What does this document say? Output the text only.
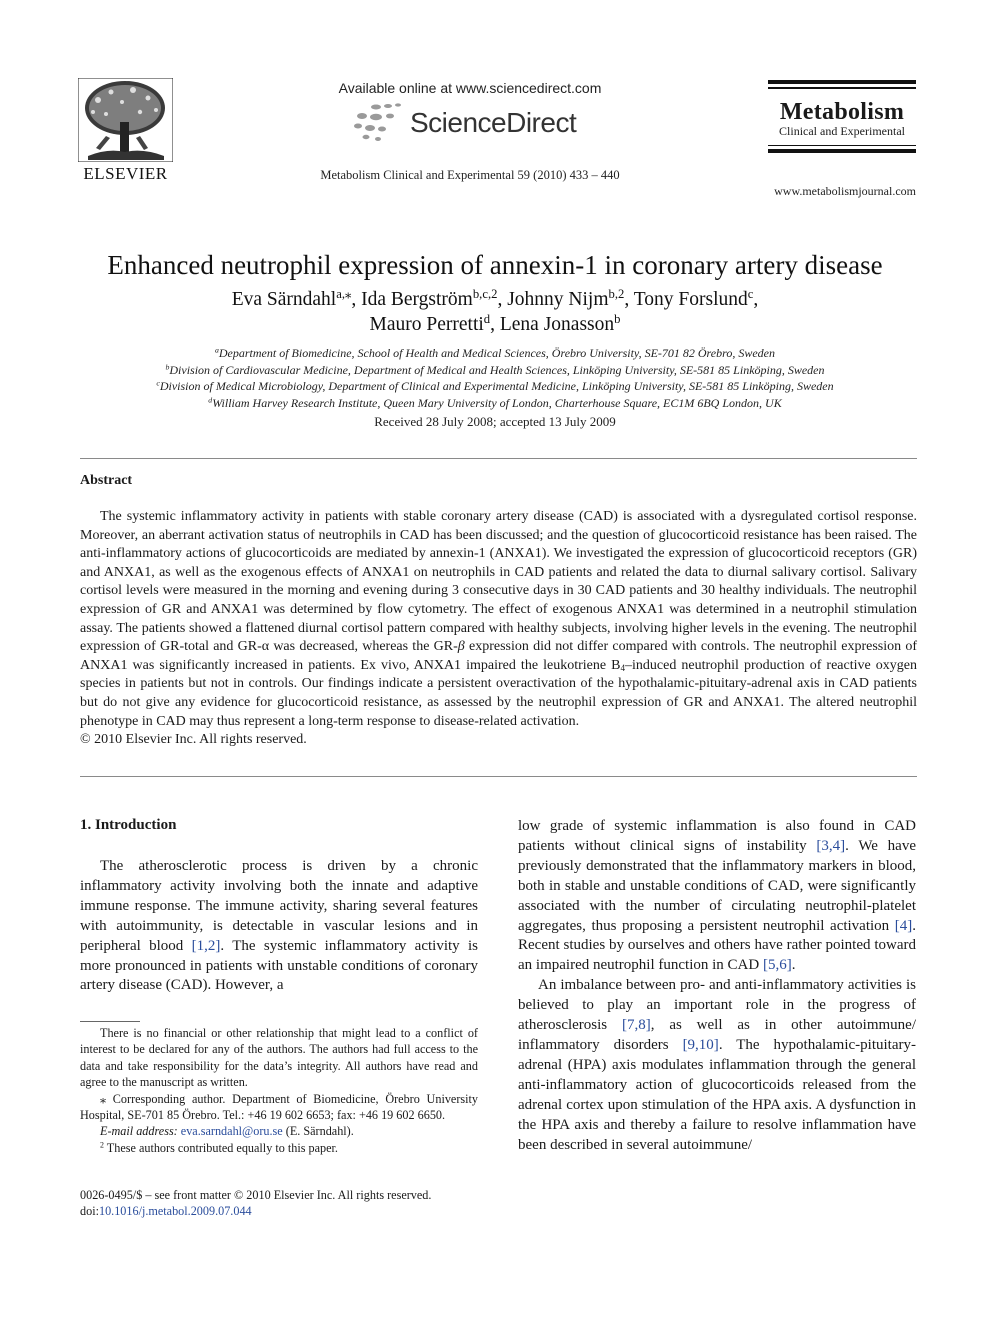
ELSEVIER
Available online at www.sciencedirect.com
ScienceDirect
Metabolism Clinical and Experimental 59 (2010) 433 – 440
Metabolism
Clinical and Experimental
www.metabolismjournal.com
Enhanced neutrophil expression of annexin-1 in coronary artery disease
Eva Särndahl$^{a,⁎}$, Ida Bergström$^{b,c,2}$, Johnny Nijm$^{b,2}$, Tony Forslund$^c$,
Mauro Perretti$^d$, Lena Jonasson$^b$
$^a$Department of Biomedicine, School of Health and Medical Sciences, Örebro University, SE-701 82 Örebro, Sweden
$^b$Division of Cardiovascular Medicine, Department of Medical and Health Sciences, Linköping University, SE-581 85 Linköping, Sweden
$^c$Division of Medical Microbiology, Department of Clinical and Experimental Medicine, Linköping University, SE-581 85 Linköping, Sweden
$^d$William Harvey Research Institute, Queen Mary University of London, Charterhouse Square, EC1M 6BQ London, UK
Received 28 July 2008; accepted 13 July 2009
Abstract

The systemic inflammatory activity in patients with stable coronary artery disease (CAD) is associated with a dysregulated cortisol response. Moreover, an aberrant activation status of neutrophils in CAD has been discussed; and the question of glucocorticoid resistance has been raised. The anti-inflammatory actions of glucocorticoids are mediated by annexin-1 (ANXA1). We investigated the expression of glucocorticoid receptors (GR) and ANXA1, as well as the exogenous effects of ANXA1 on neutrophils in CAD patients and related the data to diurnal salivary cortisol. Salivary cortisol levels were measured in the morning and evening during 3 consecutive days in 30 CAD patients and 30 healthy individuals. The neutrophil expression of GR and ANXA1 was determined by flow cytometry. The effect of exogenous ANXA1 was determined in a neutrophil stimulation assay. The patients showed a flattened diurnal cortisol pattern compared with healthy subjects, involving higher levels in the evening. The neutrophil expression of GR-total and GR-α was decreased, whereas the GR-β expression did not differ compared with controls. The neutrophil expression of ANXA1 was significantly increased in patients. Ex vivo, ANXA1 impaired the leukotriene $B_4$–induced neutrophil production of reactive oxygen species in patients but not in controls. Our findings indicate a persistent overactivation of the hypothalamic-pituitary-adrenal axis in CAD patients but do not give any evidence for glucocorticoid resistance, as assessed by the neutrophil expression of GR and ANXA1. The altered neutrophil phenotype in CAD may thus represent a long-term response to disease-related activation.

© 2010 Elsevier Inc. All rights reserved.
1. Introduction

The atherosclerotic process is driven by a chronic inflammatory activity involving both the innate and adaptive immune response. The immune activity, sharing several features with autoimmunity, is detectable in vascular lesions and in peripheral blood [1,2]. The systemic inflammatory activity is more pronounced in patients with unstable conditions of coronary artery disease (CAD). However, a

low grade of systemic inflammation is also found in CAD patients without clinical signs of instability [3,4]. We have previously demonstrated that the inflammatory markers in blood, both in stable and unstable conditions of CAD, were significantly associated with the number of circulating neutrophil-platelet aggregates, thus proposing a persistent neutrophil activation [4]. Recent studies by ourselves and others have rather pointed toward an impaired neutrophil function in CAD [5,6].

An imbalance between pro- and anti-inflammatory activities is believed to play an important role in the progress of atherosclerosis [7,8], as well as in other autoimmune/ inflammatory disorders [9,10]. The hypothalamic-pituitary-adrenal (HPA) axis modulates inflammation through the general anti-inflammatory action of glucocorticoids released from the adrenal cortex upon stimulation of the HPA axis. A dysfunction in the HPA axis and thereby a failure to resolve inflammation have been described in several autoimmune/

There is no financial or other relationship that might lead to a conflict of interest to be declared for any of the authors. The authors had full access to the data and take responsibility for the data’s integrity. All authors have read and agree to the manuscript as written.

⁎ Corresponding author. Department of Biomedicine, Örebro University Hospital, SE-701 85 Örebro. Tel.: +46 19 602 6653; fax: +46 19 602 6650.

E-mail address: eva.sarndahl@oru.se (E. Särndahl).

$^2$ These authors contributed equally to this paper.

0026-0495/$ – see front matter © 2010 Elsevier Inc. All rights reserved.
doi:10.1016/j.metabol.2009.07.044
